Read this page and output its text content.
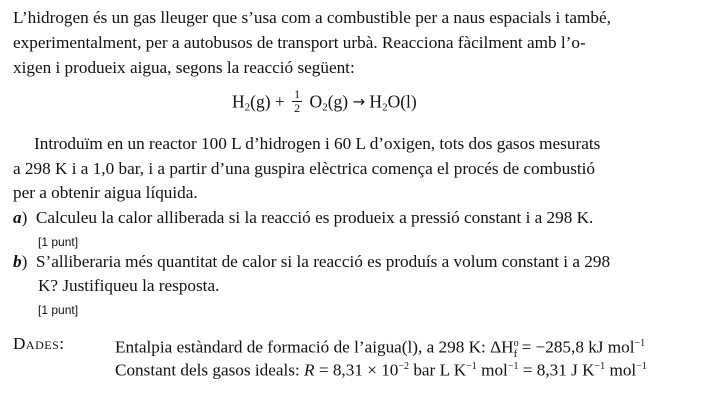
L’hidrogen és un gas lleuger que s’usa com a combustible per a naus espacials i també,
experimentalment, per a autobusos de transport urbà. Reacciona fàcilment amb l’o-
xigen i produeix aigua, segons la reacció següent:
$H_2(g) + \frac{1}{2} O_2(g) \to H_2O(l)$
Introduïm en un reactor 100 L d’hidrogen i 60 L d’oxigen, tots dos gasos mesurats
a 298 K i a 1,0 bar, i a partir d’una guspira elèctrica comença el procés de combustió
per a obtenir aigua líquida.
a) Calculeu la calor alliberada si la reacció es produeix a pressió constant i a 298 K.
[1 punt]
b) S’alliberaria més quantitat de calor si la reacció es produís a volum constant i a 298
K? Justifiqueu la resposta.
[1 punt]
Dades:	Entalpia estàndard de formació de l’aigua(l), a 298 K: $\Delta H^o_f = -285,8$ kJ mol$^{-1}$
Constant dels gasos ideals: $R = 8,31 \times 10^{-2}$ bar L $K^{-1}$ mol$^{-1}$ = 8,31 J $K^{-1}$ mol$^{-1}$
